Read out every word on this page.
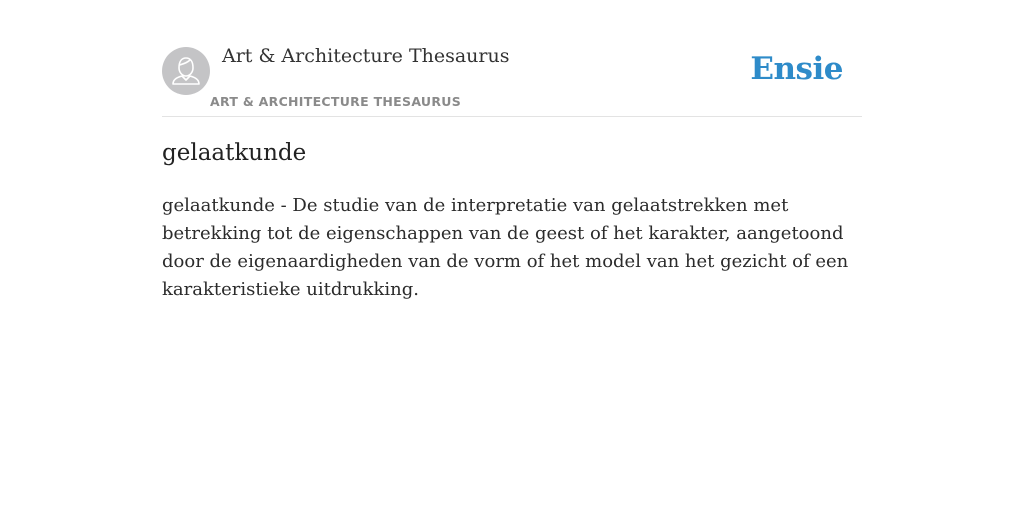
Art & Architecture Thesaurus
ART & ARCHITECTURE THESAURUS
Ensie
gelaatkunde

gelaatkunde - De studie van de interpretatie van gelaatstrekken met betrekking tot de eigenschappen van de geest of het karakter, aangetoond door de eigenaardigheden van de vorm of het model van het gezicht of een karakteristieke uitdrukking.
